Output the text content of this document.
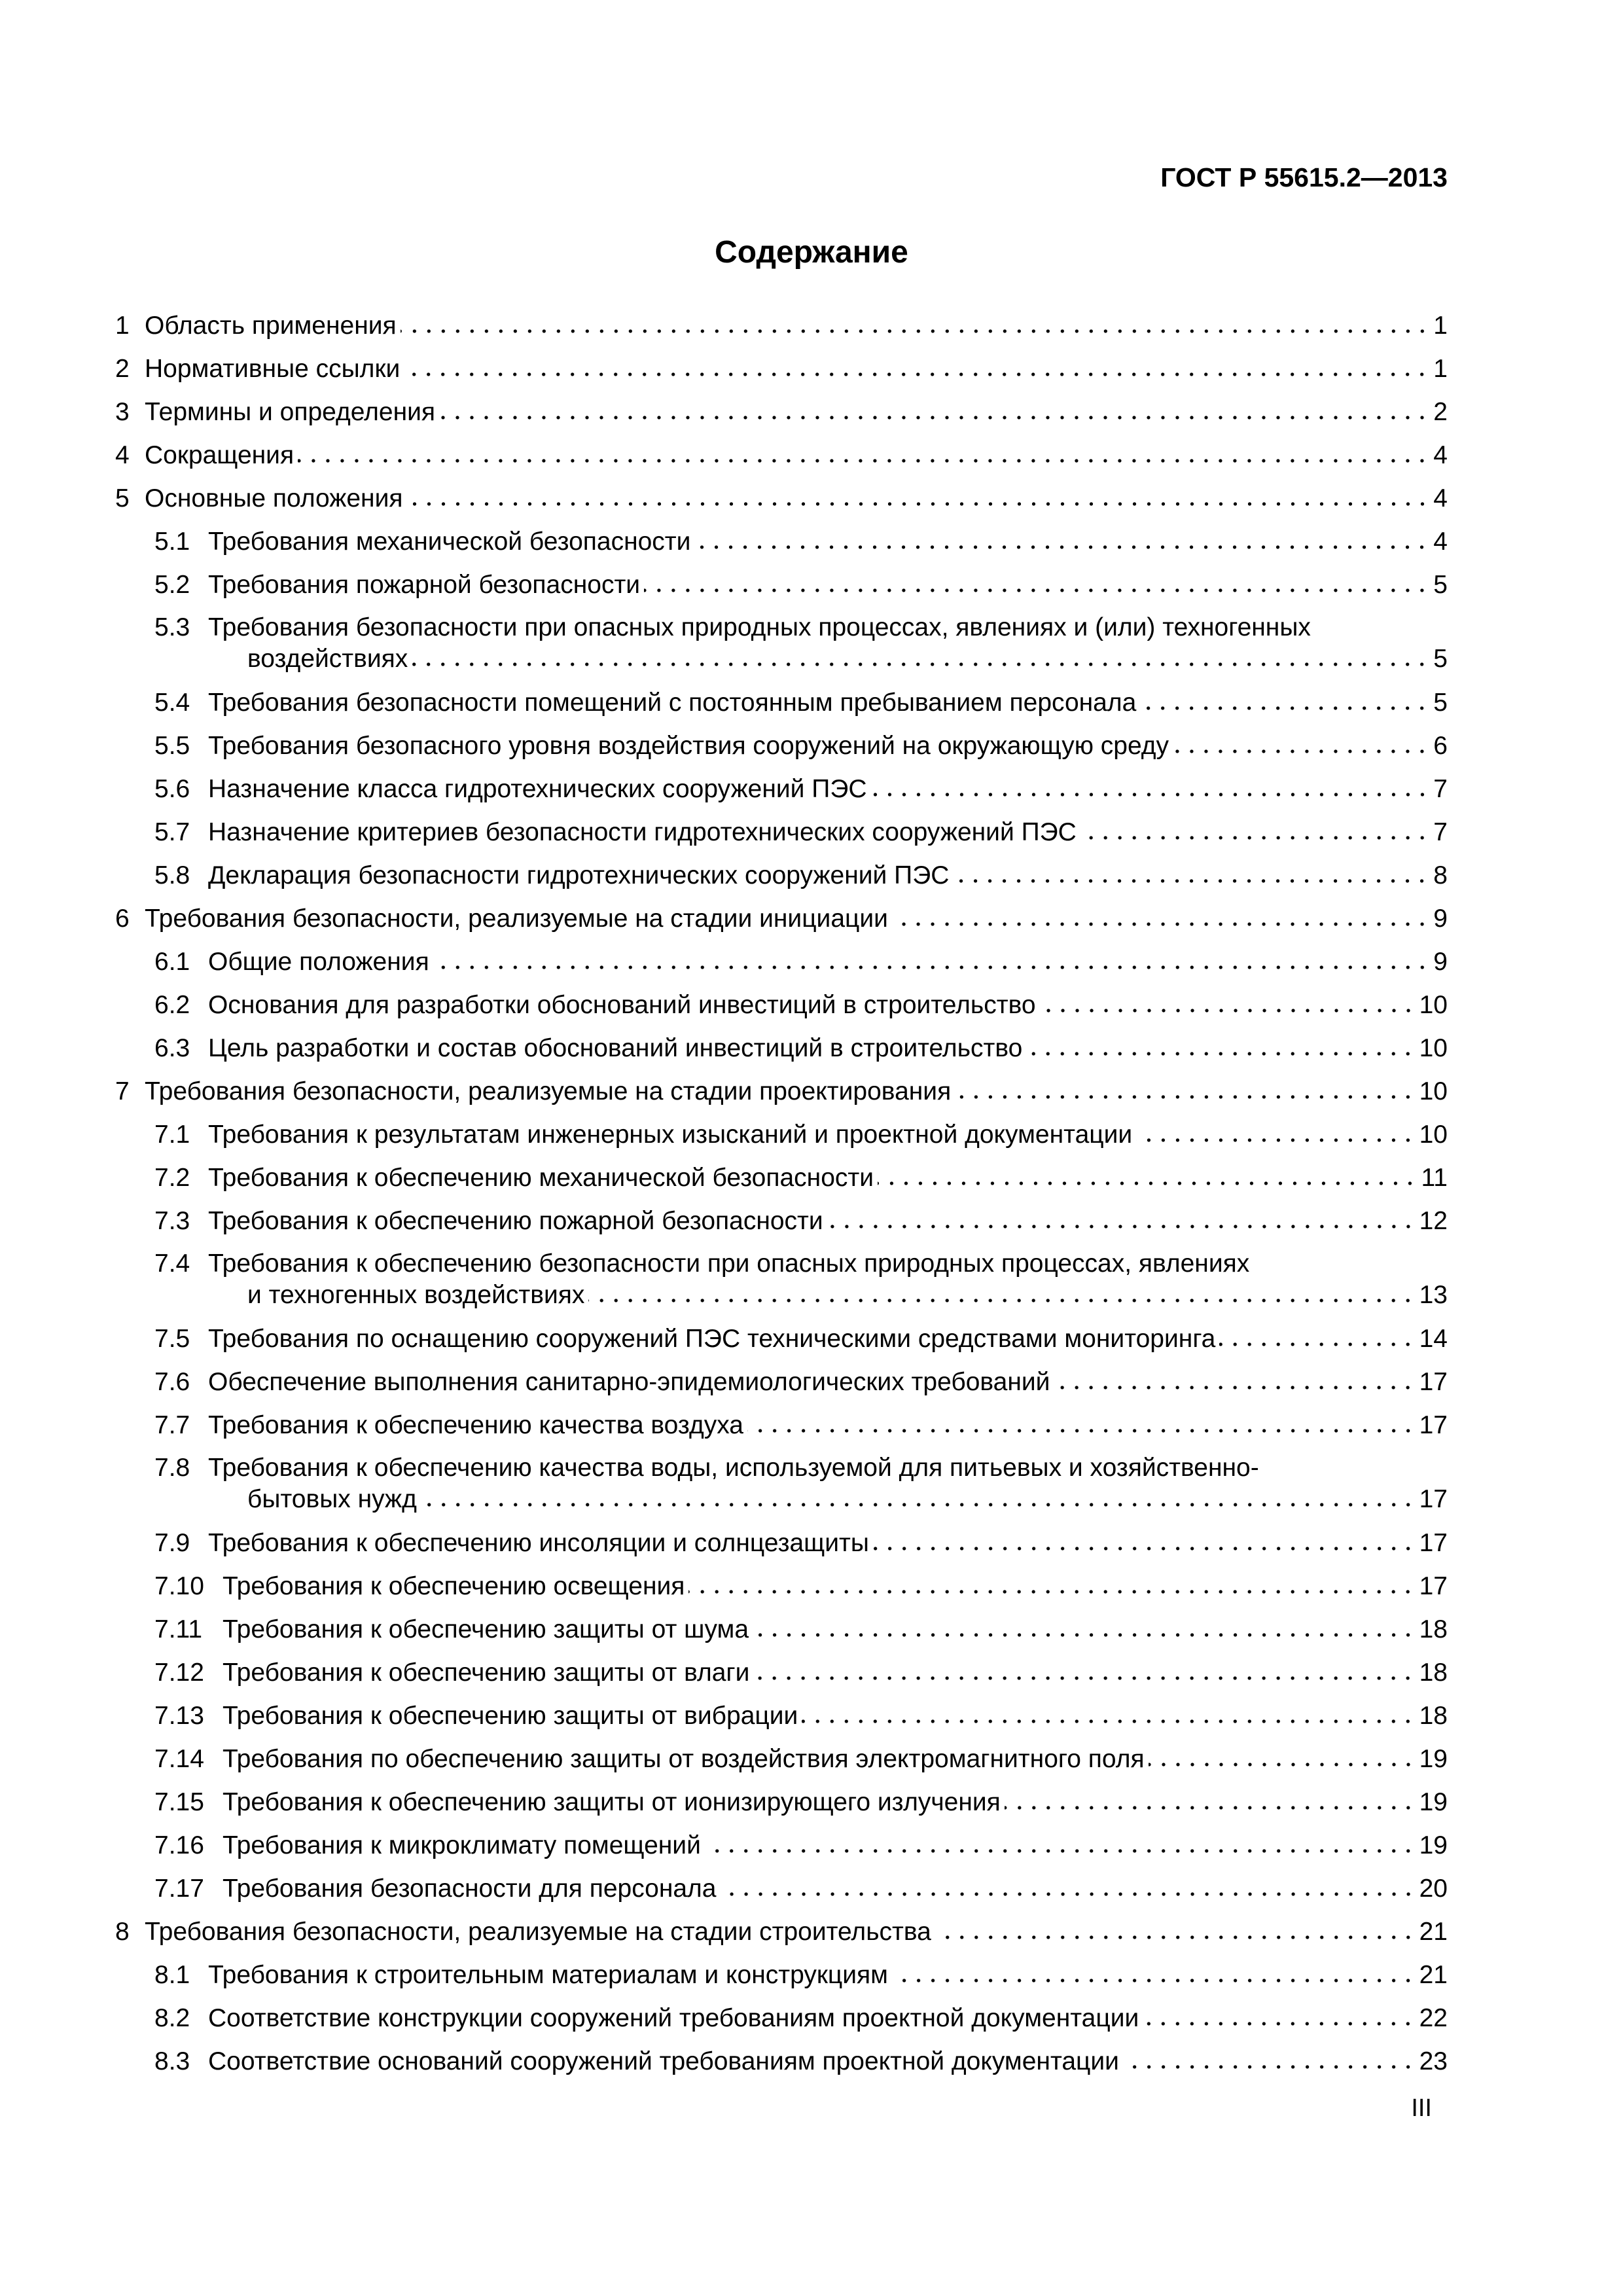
ГОСТ Р 55615.2—2013
Содержание
1 Область применения	1
2 Нормативные ссылки	1
3 Термины и определения	2
4 Сокращения	4
5 Основные положения	4
5.1 Требования механической безопасности	4
5.2 Требования пожарной безопасности	5
5.3 Требования безопасности при опасных природных процессах, явлениях и (или) техногенных
воздействиях	5
5.4 Требования безопасности помещений с постоянным пребыванием персонала	5
5.5 Требования безопасного уровня воздействия сооружений на окружающую среду	6
5.6 Назначение класса гидротехнических сооружений ПЭС	7
5.7 Назначение критериев безопасности гидротехнических сооружений ПЭС	7
5.8 Декларация безопасности гидротехнических сооружений ПЭС	8
6 Требования безопасности, реализуемые на стадии инициации	9
6.1 Общие положения	9
6.2 Основания для разработки обоснований инвестиций в строительство	10
6.3 Цель разработки и состав обоснований инвестиций в строительство	10
7 Требования безопасности, реализуемые на стадии проектирования	10
7.1 Требования к результатам инженерных изысканий и проектной документации	10
7.2 Требования к обеспечению механической безопасности	11
7.3 Требования к обеспечению пожарной безопасности	12
7.4 Требования к обеспечению безопасности при опасных природных процессах, явлениях
и техногенных воздействиях	13
7.5 Требования по оснащению сооружений ПЭС техническими средствами мониторинга	14
7.6 Обеспечение выполнения санитарно-эпидемиологических требований	17
7.7 Требования к обеспечению качества воздуха	17
7.8 Требования к обеспечению качества воды, используемой для питьевых и хозяйственно-
бытовых нужд	17
7.9 Требования к обеспечению инсоляции и солнцезащиты	17
7.10 Требования к обеспечению освещения	17
7.11 Требования к обеспечению защиты от шума	18
7.12 Требования к обеспечению защиты от влаги	18
7.13 Требования к обеспечению защиты от вибрации	18
7.14 Требования по обеспечению защиты от воздействия электромагнитного поля	19
7.15 Требования к обеспечению защиты от ионизирующего излучения	19
7.16 Требования к микроклимату помещений	19
7.17 Требования безопасности для персонала	20
8 Требования безопасности, реализуемые на стадии строительства	21
8.1 Требования к строительным материалам и конструкциям	21
8.2 Соответствие конструкции сооружений требованиям проектной документации	22
8.3 Соответствие оснований сооружений требованиям проектной документации	23
III
